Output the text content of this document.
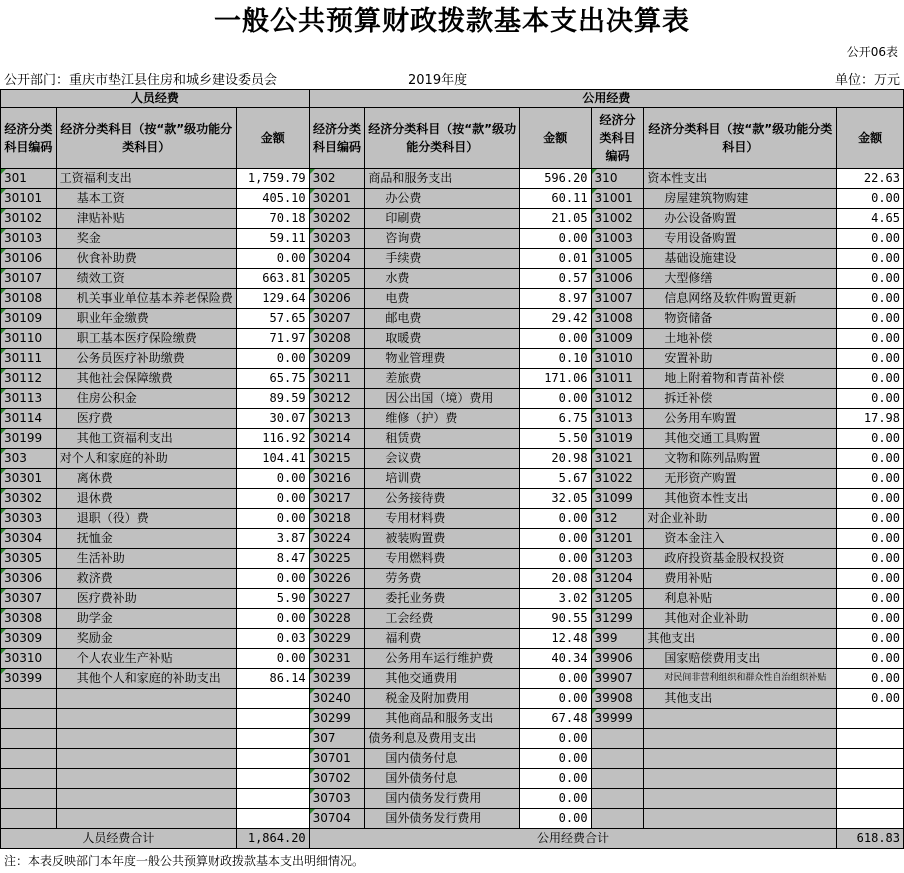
一般公共预算财政拨款基本支出决算表
公开06表
公开部门：重庆市垫江县住房和城乡建设委员会	2019年度	单位：万元
人员经费			公用经费					
经济分类科目编码	经济分类科目（按“款”级功能分类科目）	金额	经济分类科目编码	经济分类科目（按“款”级功能分类科目）	金额	经济分类科目编码	经济分类科目（按“款”级功能分类科目）	金额
301	工资福利支出	1,759.79	302	商品和服务支出	596.20	310	资本性支出	22.63
30101	基本工资	405.10	30201	办公费	60.11	31001	房屋建筑物购建	0.00
30102	津贴补贴	70.18	30202	印刷费	21.05	31002	办公设备购置	4.65
30103	奖金	59.11	30203	咨询费	0.00	31003	专用设备购置	0.00
30106	伙食补助费	0.00	30204	手续费	0.01	31005	基础设施建设	0.00
30107	绩效工资	663.81	30205	水费	0.57	31006	大型修缮	0.00
30108	机关事业单位基本养老保险费	129.64	30206	电费	8.97	31007	信息网络及软件购置更新	0.00
30109	职业年金缴费	57.65	30207	邮电费	29.42	31008	物资储备	0.00
30110	职工基本医疗保险缴费	71.97	30208	取暖费	0.00	31009	土地补偿	0.00
30111	公务员医疗补助缴费	0.00	30209	物业管理费	0.10	31010	安置补助	0.00
30112	其他社会保障缴费	65.75	30211	差旅费	171.06	31011	地上附着物和青苗补偿	0.00
30113	住房公积金	89.59	30212	因公出国（境）费用	0.00	31012	拆迁补偿	0.00
30114	医疗费	30.07	30213	维修（护）费	6.75	31013	公务用车购置	17.98
30199	其他工资福利支出	116.92	30214	租赁费	5.50	31019	其他交通工具购置	0.00
303	对个人和家庭的补助	104.41	30215	会议费	20.98	31021	文物和陈列品购置	0.00
30301	离休费	0.00	30216	培训费	5.67	31022	无形资产购置	0.00
30302	退休费	0.00	30217	公务接待费	32.05	31099	其他资本性支出	0.00
30303	退职（役）费	0.00	30218	专用材料费	0.00	312	对企业补助	0.00
30304	抚恤金	3.87	30224	被装购置费	0.00	31201	资本金注入	0.00
30305	生活补助	8.47	30225	专用燃料费	0.00	31203	政府投资基金股权投资	0.00
30306	救济费	0.00	30226	劳务费	20.08	31204	费用补贴	0.00
30307	医疗费补助	5.90	30227	委托业务费	3.02	31205	利息补贴	0.00
30308	助学金	0.00	30228	工会经费	90.55	31299	其他对企业补助	0.00
30309	奖励金	0.03	30229	福利费	12.48	399	其他支出	0.00
30310	个人农业生产补贴	0.00	30231	公务用车运行维护费	40.34	39906	国家赔偿费用支出	0.00
30399	其他个人和家庭的补助支出	86.14	30239	其他交通费用	0.00	39907	对民间非营利组织和群众性自治组织补贴	0.00
			30240	税金及附加费用	0.00	39908	其他支出	0.00
			30299	其他商品和服务支出	67.48	39999		
			307	债务利息及费用支出	0.00			
			30701	国内债务付息	0.00			
			30702	国外债务付息	0.00			
			30703	国内债务发行费用	0.00			
			30704	国外债务发行费用	0.00			
人员经费合计		1,864.20	公用经费合计					618.83
注：本表反映部门本年度一般公共预算财政拨款基本支出明细情况。
